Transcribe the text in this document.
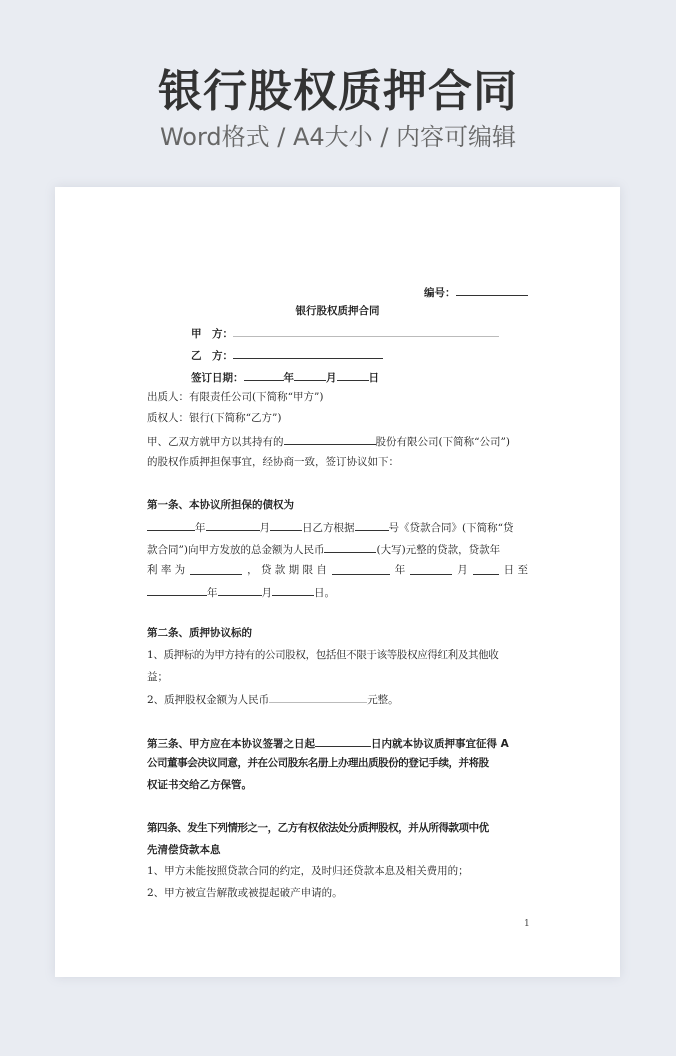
银行股权质押合同
Word格式 / A4大小 / 内容可编辑
编号：
银行股权质押合同
甲　方：
乙　方：
签订日期：	年	月	日
出质人：有限责任公司(下简称“甲方”)
质权人：银行(下简称“乙方”)
甲、乙双方就甲方以其持有的	股份有限公司(下简称“公司”)
的股权作质押担保事宜，经协商一致，签订协议如下：
第一条、本协议所担保的债权为
年	月	日乙方根据	号《贷款合同》(下简称“贷
款合同”)向甲方发放的总金额为人民币	(大写)元整的贷款，贷款年
利 率 为	， 贷 款 期 限 自	年	月	日 至
年	月	日。
第二条、质押协议标的
1、质押标的为甲方持有的公司股权，包括但不限于该等股权应得红利及其他收
益；
2、质押股权金额为人民币	元整。
第三条、甲方应在本协议签署之日起	日内就本协议质押事宜征得 A
公司董事会决议同意，并在公司股东名册上办理出质股份的登记手续，并将股
权证书交给乙方保管。
第四条、发生下列情形之一，乙方有权依法处分质押股权，并从所得款项中优
先清偿贷款本息
1、甲方未能按照贷款合同的约定，及时归还贷款本息及相关费用的；
2、甲方被宣告解散或被提起破产申请的。
1
